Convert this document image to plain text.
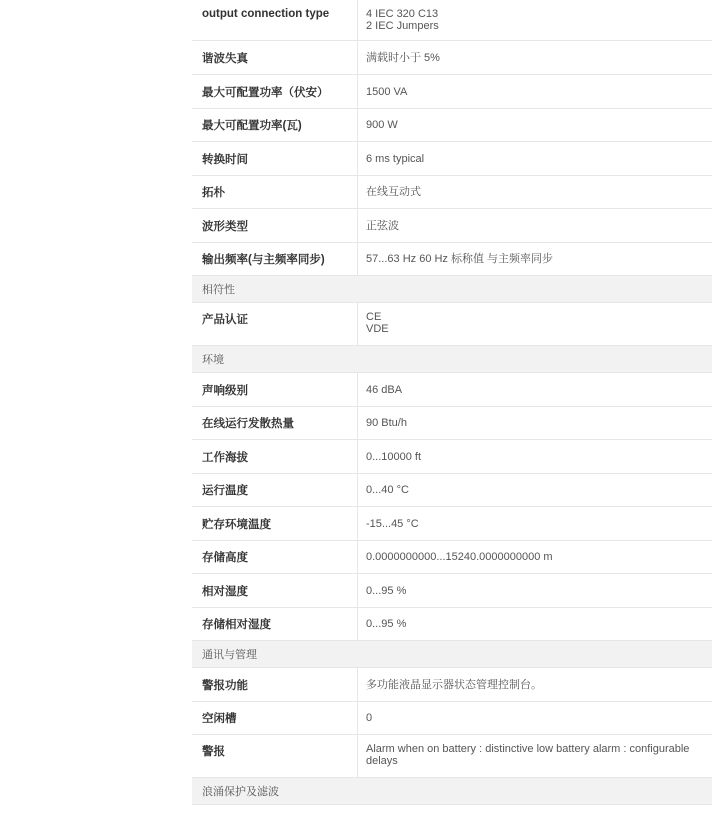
output connection type	4 IEC 320 C13
2 IEC Jumpers
谐波失真	满载时小于 5%
最大可配置功率（伏安）	1500 VA
最大可配置功率(瓦)	900 W
转换时间	6 ms typical
拓朴	在线互动式
波形类型	正弦波
输出频率(与主频率同步)	57...63 Hz 60 Hz 标称值 与主频率同步
相符性
产品认证	CE
VDE
环境
声响级别	46 dBA
在线运行发散热量	90 Btu/h
工作海拔	0...10000 ft
运行温度	0...40 °C
贮存环境温度	-15...45 °C
存储高度	0.0000000000...15240.0000000000 m
相对湿度	0...95 %
存储相对湿度	0...95 %
通讯与管理
警报功能	多功能液晶显示器状态管理控制台。
空闲槽	0
警报	Alarm when on battery : distinctive low battery alarm : configurable delays
浪涌保护及滤波
